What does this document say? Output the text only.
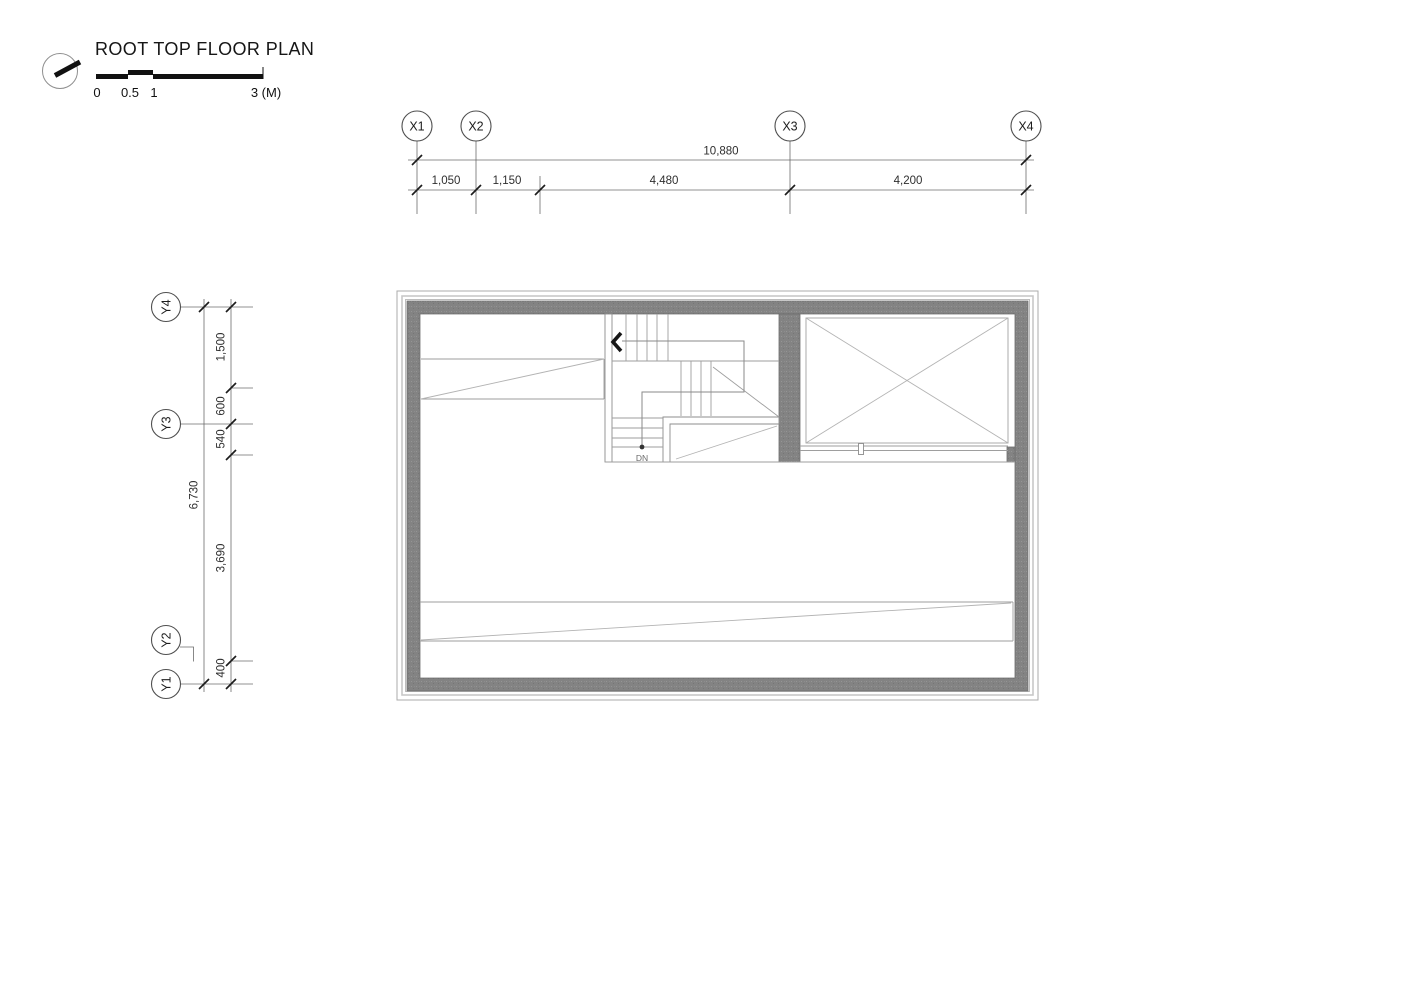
ROOT TOP FLOOR PLAN
0 0.5 1	3 (M)
X1	X2	X3	X4
10,880
1,050	1,150	4,480	4,200
Y4
Y3
Y2
Y1
6,730
1,500
600
540
3,690
400
DN
